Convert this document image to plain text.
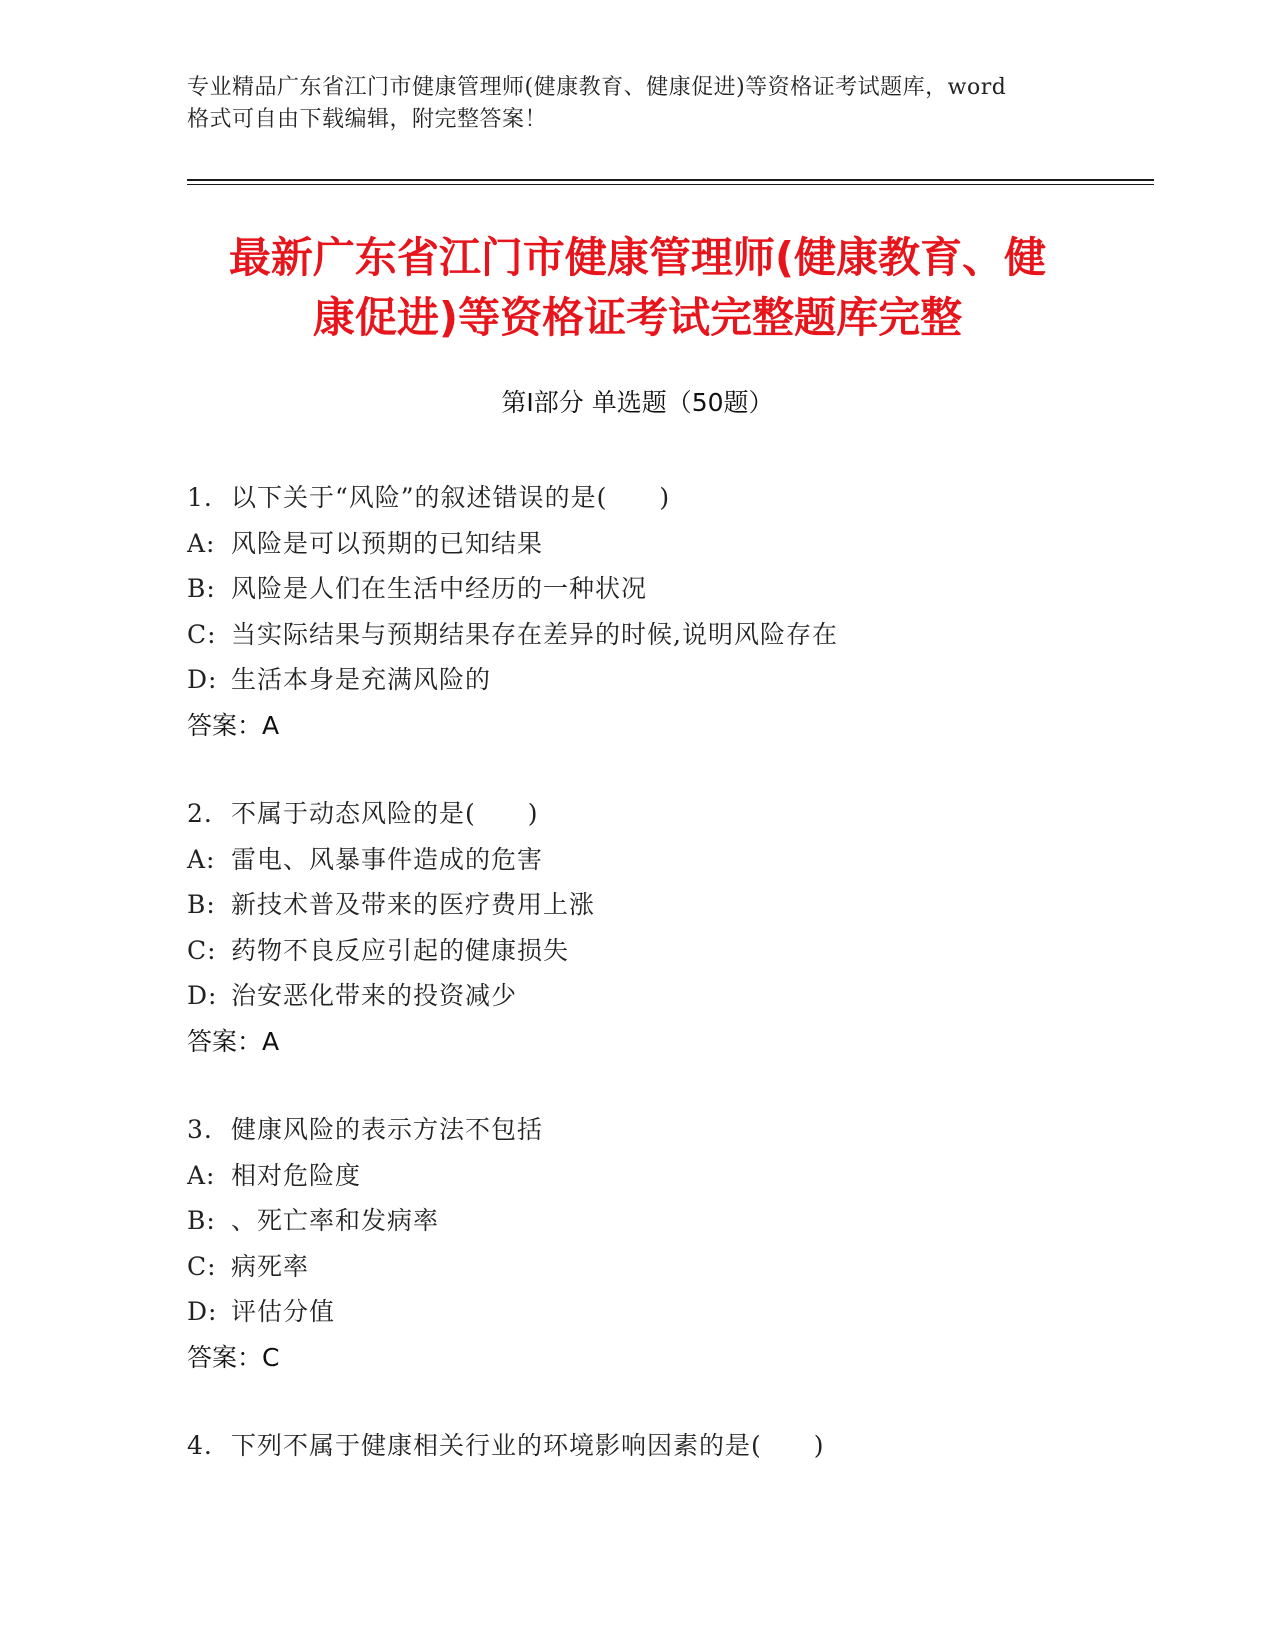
专业精品广东省江门市健康管理师(健康教育、健康促进)等资格证考试题库，word
格式可自由下载编辑，附完整答案！
最新广东省江门市健康管理师(健康教育、健
康促进)等资格证考试完整题库完整
第Ⅰ部分 单选题（50题）
1. 以下关于“风险”的叙述错误的是(　　)
A: 风险是可以预期的已知结果
B: 风险是人们在生活中经历的一种状况
C: 当实际结果与预期结果存在差异的时候,说明风险存在
D: 生活本身是充满风险的
答案：A
2. 不属于动态风险的是(　　)
A: 雷电、风暴事件造成的危害
B: 新技术普及带来的医疗费用上涨
C: 药物不良反应引起的健康损失
D: 治安恶化带来的投资减少
答案：A
3. 健康风险的表示方法不包括
A: 相对危险度
B: 、死亡率和发病率
C: 病死率
D: 评估分值
答案：C
4. 下列不属于健康相关行业的环境影响因素的是(　　)
